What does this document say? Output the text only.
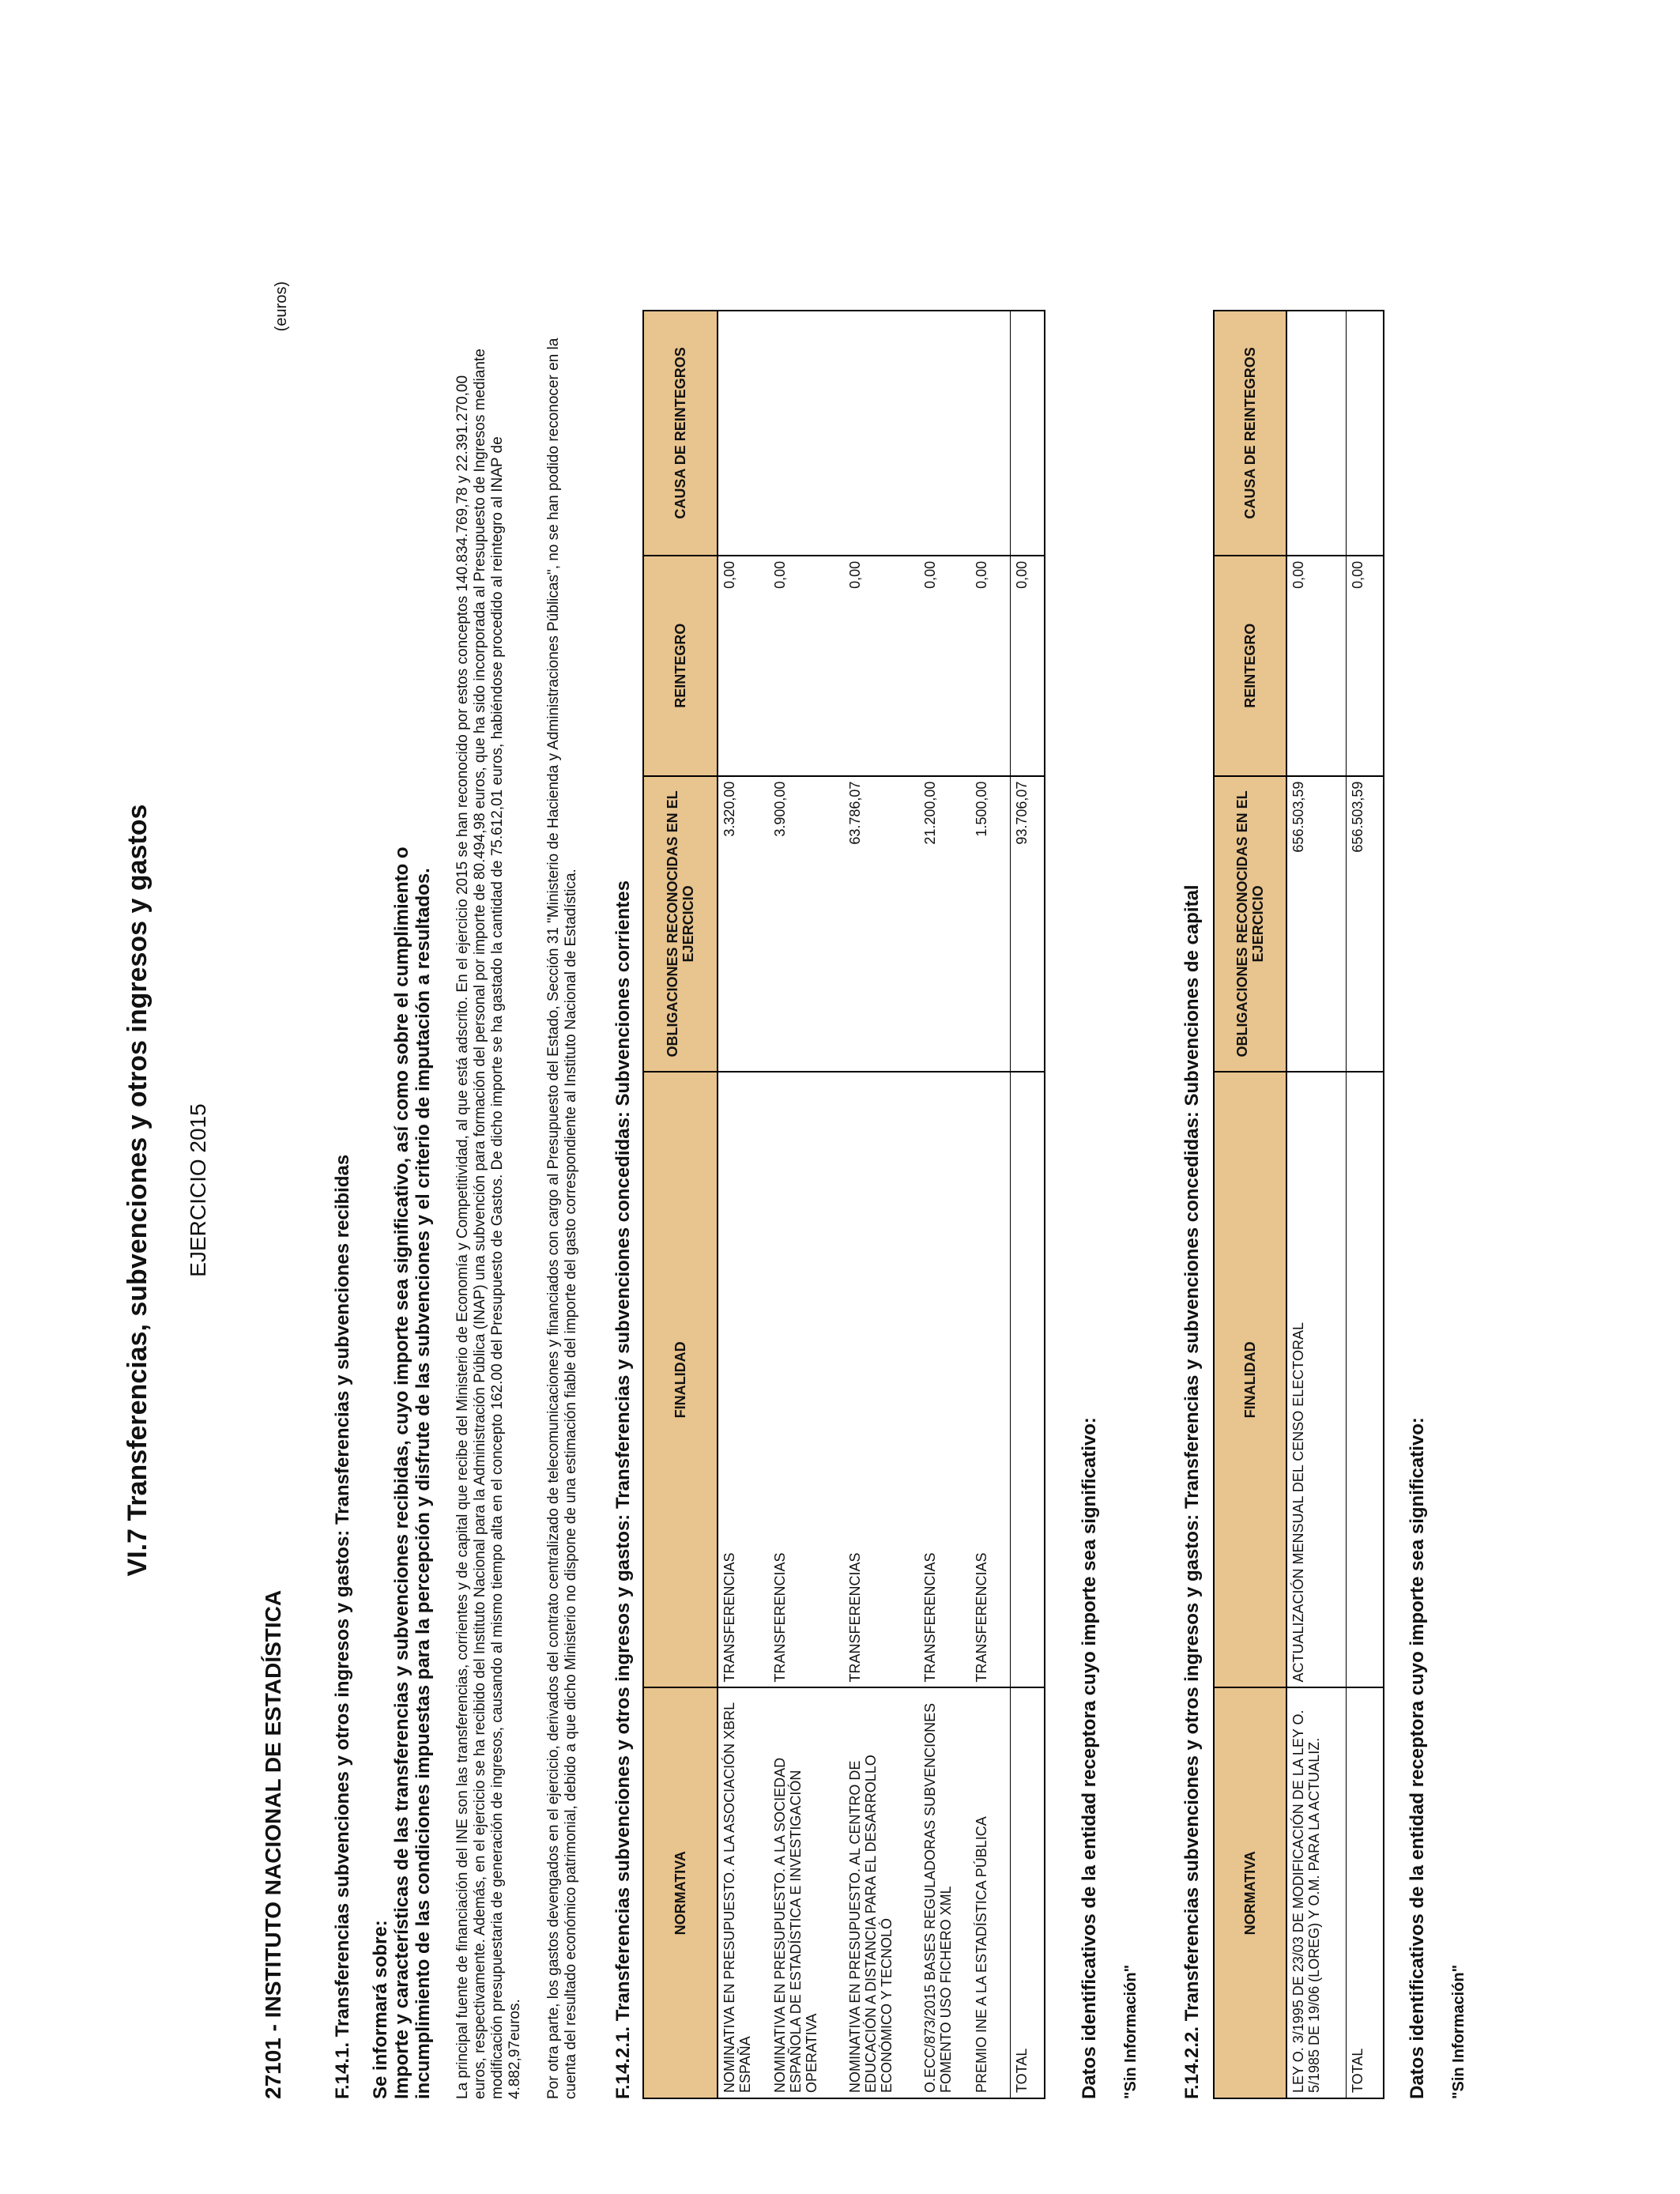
VI.7 Transferencias, subvenciones y otros ingresos y gastos EJERCICIO 2015
27101 - INSTITUTO NACIONAL DE ESTADÍSTICA
(euros)
F.14.1. Transferencias subvenciones y otros ingresos y gastos: Transferencias y subvenciones recibidas Se informará sobre: Importe y características de las transferencias y subvenciones recibidas, cuyo importe sea significativo, así como sobre el cumplimiento o incumplimiento de las condiciones impuestas para la percepción y disfrute de las subvenciones y el criterio de imputación a resultados. La principal fuente de financiación del INE son las transferencias, corrientes y de capital que recibe del Ministerio de Economía y Competitividad, al que está adscrito. En el ejercicio 2015 se han reconocido por estos conceptos 140.834.769,78 y 22.391.270,00 euros, respectivamente. Además, en el ejercicio se ha recibido del Instituto Nacional para la Administración Pública (INAP) una subvención para formación del personal por importe de 80.494,98 euros, que ha sido incorporada al Presupuesto de Ingresos mediante modificación presupuestaria de generación de ingresos, causando al mismo tiempo alta en el concepto 162.00 del Presupuesto de Gastos. De dicho importe se ha gastado la cantidad de 75.612,01 euros, habiéndose procedido al reintegro al INAP de 4.882,97euros. Por otra parte, los gastos devengados en el ejercicio, derivados del contrato centralizado de telecomunicaciones y financiados con cargo al Presupuesto del Estado, Sección 31 "Ministerio de Hacienda y Administraciones Públicas", no se han podido reconocer en la cuenta del resultado económico patrimonial, debido a que dicho Ministerio no dispone de una estimación fiable del importe del gasto correspondiente al Instituto Nacional de Estadística. F.14.2.1. Transferencias subvenciones y otros ingresos y gastos: Transferencias y subvenciones concedidas: Subvenciones corrientes	NORMATIVA	FINALIDAD	OBLIGACIONES RECONOCIDAS EN EL EJERCICIO	REINTEGRO	CAUSA DE REINTEGROS
NOMINATIVA EN PRESUPUESTO. A LA ASOCIACIÓN XBRL ESPAÑA	TRANSFERENCIAS	3.320,00	0,00	
NOMINATIVA EN PRESUPUESTO. A LA SOCIEDAD ESPAÑOLA DE ESTADÍSTICA E INVESTIGACIÓN OPERATIVA	TRANSFERENCIAS	3.900,00	0,00	
NOMINATIVA EN PRESUPUESTO. AL CENTRO DE EDUCACIÓN A DISTANCIA PARA EL DESARROLLO ECONÓMICO Y TECNOLÓ	TRANSFERENCIAS	63.786,07	0,00	
O.ECC/873/2015 BASES REGULADORAS SUBVENCIONES FOMENTO USO FICHERO XML	TRANSFERENCIAS	21.200,00	0,00	
PREMIO INE A LA ESTADÍSTICA PÚBLICA	TRANSFERENCIAS	1.500,00	0,00	
TOTAL		93.706,07	0,00	
Datos identificativos de la entidad receptora cuyo importe sea significativo: "Sin Información" F.14.2.2. Transferencias subvenciones y otros ingresos y gastos: Transferencias y subvenciones concedidas: Subvenciones de capital	NORMATIVA	FINALIDAD	OBLIGACIONES RECONOCIDAS EN EL EJERCICIO	REINTEGRO	CAUSA DE REINTEGROS
LEY O. 3/1995 DE 23/03 DE MODIFICACIÓN DE LA LEY O. 5/1985 DE 19/06 (LOREG) Y O.M. PARA LA ACTUALIZ.	ACTUALIZACIÓN MENSUAL DEL CENSO ELECTORAL	656.503,59	0,00	
TOTAL		656.503,59	0,00	
Datos identificativos de la entidad receptora cuyo importe sea significativo: "Sin Información"
